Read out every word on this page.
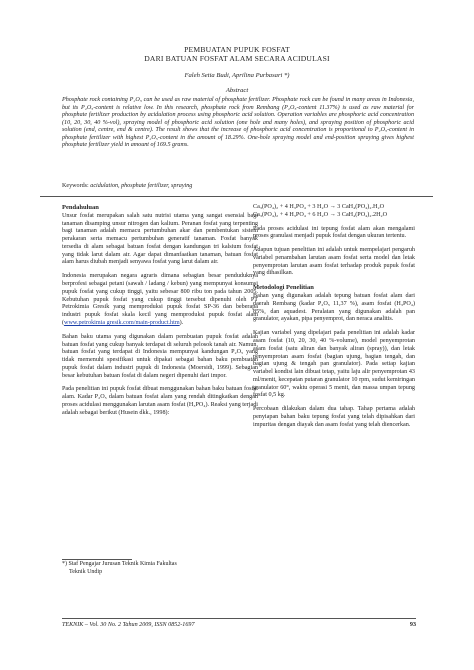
PEMBUATAN PUPUK FOSFAT
DARI BATUAN FOSFAT ALAM SECARA ACIDULASI
Faleh Setia Budi, Aprilina Purbasari *)
Abstract
Phosphate rock containing P₂O₅ can be used as raw material of phosphate fertilizer. Phosphate rock can be found in many areas in Indonesia, but its P₂O₅-content is relative low. In this research, phosphate rock from Rembang (P₂O₅-content 11.37%) is used as raw material for phosphate fertilizer production by acidulation process using phosphoric acid solution. Operation variables are phosphoric acid concentration (10, 20, 30, 40 %-vol), spraying model of phosphoric acid solution (one hole and many holes), and spraying position of phosphoric acid solution (end, centre, end & centre). The result shows that the increase of phosphoric acid concentration is proportional to P₂O₅-content in phosphate fertilizer with highest P₂O₅-content in the amount of 18.29%. One-hole spraying model and end-position spraying gives highest phosphate fertilizer yield in amount of 169.5 grams.
Keywords: acidulation, phosphate fertilizer, spraying
Pendahuluan

Unsur fosfat merupakan salah satu nutrisi utama yang sangat esensial bagi tanaman disamping unsur nitrogen dan kalium. Peranan fosfat yang terpenting bagi tanaman adalah memacu pertumbuhan akar dan pembentukan sistem perakaran serta memacu pertumbuhan generatif tanaman. Fosfat banyak tersedia di alam sebagai batuan fosfat dengan kandungan tri kalsium fosfat yang tidak larut dalam air. Agar dapat dimanfaatkan tanaman, batuan fosfat alam harus diubah menjadi senyawa fosfat yang larut dalam air.

Indonesia merupakan negara agraris dimana sebagian besar penduduknya berprofesi sebagai petani (sawah / ladang / kebun) yang mempunyai konsumsi pupuk fosfat yang cukup tinggi, yaitu sebesar 800 ribu ton pada tahun 2005. Kebutuhan pupuk fosfat yang cukup tinggi tersebut dipenuhi oleh PT Petrokimia Gresik yang memproduksi pupuk fosfat SP-36 dan beberapa industri pupuk fosfat skala kecil yang memproduksi pupuk fosfat alam (www.petrokimia gresik.com/main-product.htm).

Bahan baku utama yang digunakan dalam pembuatan pupuk fosfat adalah batuan fosfat yang cukup banyak terdapat di seluruh pelosok tanah air. Namun, batuan fosfat yang terdapat di Indonesia mempunyai kandungan P₂O₅ yang tidak memenuhi spesifikasi untuk dipakai sebagai bahan baku pembuatan pupuk fosfat dalam industri pupuk di Indonesia (Moersidi, 1999). Sebagian besar kebutuhan batuan fosfat di dalam negeri dipenuhi dari impor.

Pada penelitian ini pupuk fosfat dibuat menggunakan bahan baku batuan fosfat alam. Kadar P₂O₅ dalam batuan fosfat alam yang rendah ditingkatkan dengan proses acidulasi menggunakan larutan asam fosfat (H₃PO₄). Reaksi yang terjadi adalah sebagai berikut (Husein dkk., 1998):

Ca₃(PO₄)₂ + 4 H₃PO₄ + 3 H₂O → 3 CaH₄(PO₄)₂.H₂O
Ca₃(PO₄)₂ + 4 H₃PO₄ + 6 H₂O → 3 CaH₄(PO₄)₂.2H₂O

Pada proses acidulasi ini tepung fosfat alam akan mengalami proses granulasi menjadi pupuk fosfat dengan ukuran tertentu.

Adapun tujuan penelitian ini adalah untuk mempelajari pengaruh variabel penambahan larutan asam fosfat serta model dan letak penyemprotan larutan asam fosfat terhadap produk pupuk fosfat yang dihasilkan.

Metodologi Penelitian

Bahan yang digunakan adalah tepung batuan fosfat alam dari daerah Rembang (kadar P₂O₅ 11,37 %), asam fosfat (H₃PO₄) 85%, dan aquadest. Peralatan yang digunakan adalah pan granulator, ayakan, pipa penyemprot, dan neraca analitis.

Kajian variabel yang dipelajari pada penelitian ini adalah kadar asam fosfat (10, 20, 30, 40 %-volume), model penyemprotan asam fosfat (satu aliran dan banyak aliran (spray)), dan letak penyemprotan asam fosfat (bagian ujung, bagian tengah, dan bagian ujung & tengah pan granulator). Pada setiap kajian variabel kondisi lain dibuat tetap, yaitu laju alir penyemprotan 43 ml/menit, kecepatan putaran granulator 10 rpm, sudut kemiringan granulator 60°, waktu operasi 5 menit, dan massa umpan tepung fosfat 0,5 kg.

Percobaan dilakukan dalam dua tahap. Tahap pertama adalah penyiapan bahan baku tepung fosfat yang telah dipisahkan dari impuritas dengan diayak dan asam fosfat yang telah diencerkan.

*) Staf Pengajar Jurusan Teknik Kimia Fakultas
Teknik Undip
TEKNIK – Vol. 30 No. 2 Tahun 2009, ISSN 0852-1697	93
